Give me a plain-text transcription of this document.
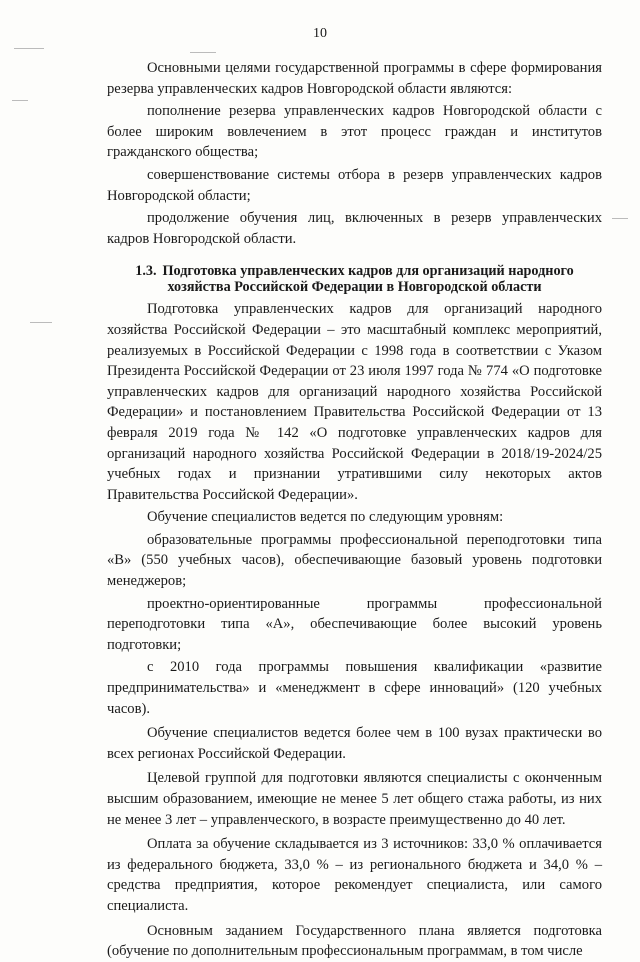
10

Основными целями государственной программы в сфере формирования резерва управленческих кадров Новгородской области являются:

пополнение резерва управленческих кадров Новгородской области с более широким вовлечением в этот процесс граждан и институтов гражданского общества;

совершенствование системы отбора в резерв управленческих кадров Новгородской области;

продолжение обучения лиц, включенных в резерв управленческих кадров Новгородской области.

1.3. Подготовка управленческих кадров для организаций народного хозяйства Российской Федерации в Новгородской области

Подготовка управленческих кадров для организаций народного хозяйства Российской Федерации – это масштабный комплекс мероприятий, реализуемых в Российской Федерации с 1998 года в соответствии с Указом Президента Российской Федерации от 23 июля 1997 года № 774 «О подготовке управленческих кадров для организаций народного хозяйства Российской Федерации» и постановлением Правительства Российской Федерации от 13 февраля 2019 года № 142 «О подготовке управленческих кадров для организаций народного хозяйства Российской Федерации в 2018/19-2024/25 учебных годах и признании утратившими силу некоторых актов Правительства Российской Федерации».

Обучение специалистов ведется по следующим уровням:

образовательные программы профессиональной переподготовки типа «В» (550 учебных часов), обеспечивающие базовый уровень подготовки менеджеров;

проектно-ориентированные программы профессиональной переподготовки типа «А», обеспечивающие более высокий уровень подготовки;

с 2010 года программы повышения квалификации «развитие предпринимательства» и «менеджмент в сфере инноваций» (120 учебных часов).

Обучение специалистов ведется более чем в 100 вузах практически во всех регионах Российской Федерации.

Целевой группой для подготовки являются специалисты с оконченным высшим образованием, имеющие не менее 5 лет общего стажа работы, из них не менее 3 лет – управленческого, в возрасте преимущественно до 40 лет.

Оплата за обучение складывается из 3 источников: 33,0 % оплачивается из федерального бюджета, 33,0 % – из регионального бюджета и 34,0 % – средства предприятия, которое рекомендует специалиста, или самого специалиста.

Основным заданием Государственного плана является подготовка (обучение по дополнительным профессиональным программам, в том числе
